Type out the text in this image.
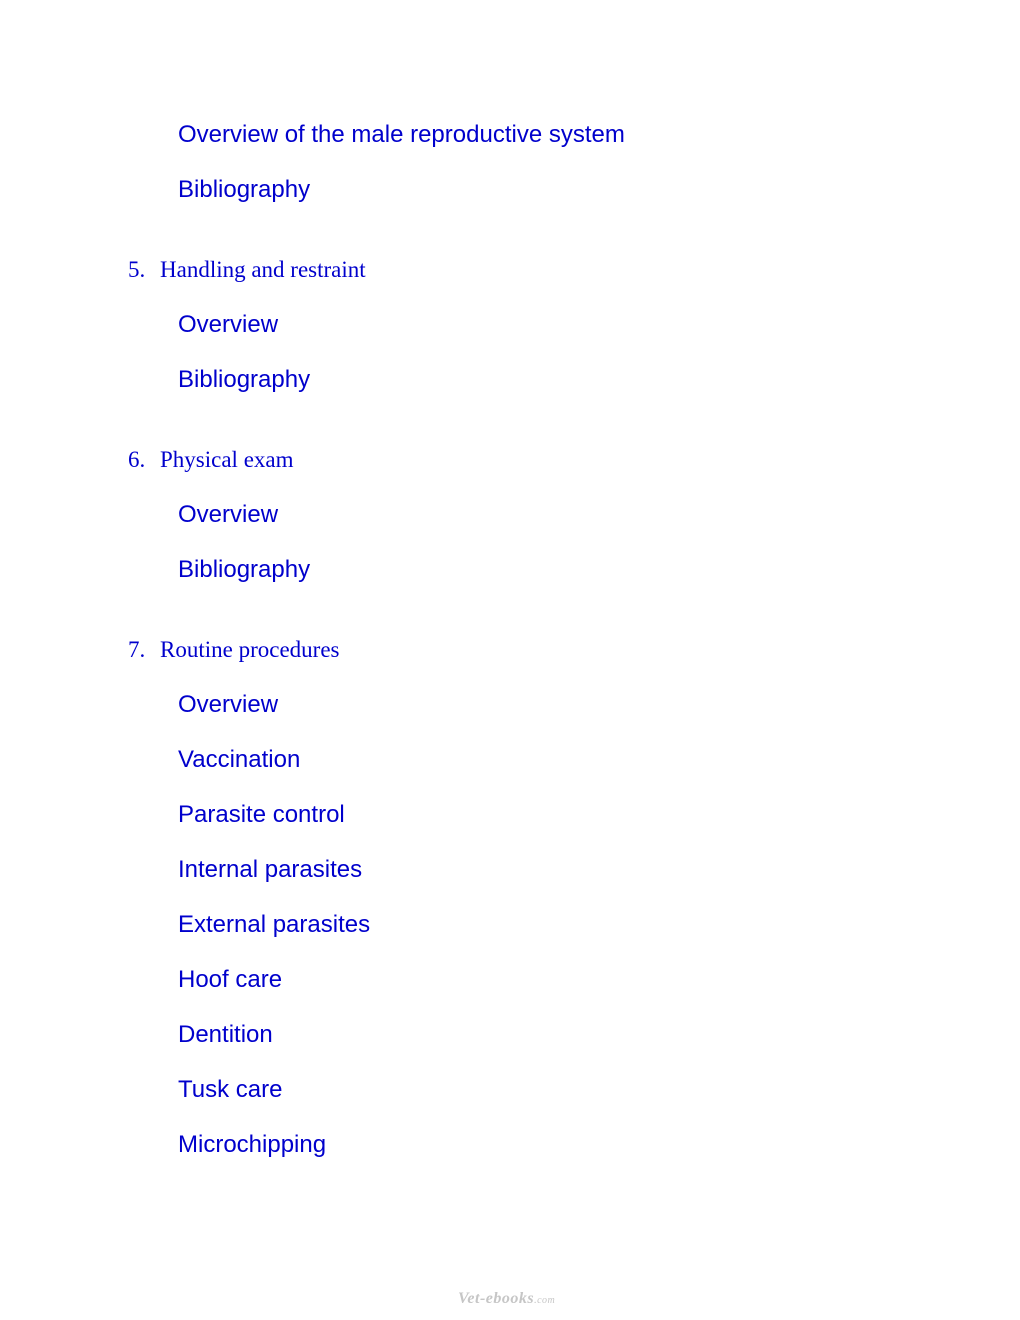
Overview of the male reproductive system
Bibliography
5. Handling and restraint
Overview
Bibliography
6. Physical exam
Overview
Bibliography
7. Routine procedures
Overview
Vaccination
Parasite control
Internal parasites
External parasites
Hoof care
Dentition
Tusk care
Microchipping
Vet-ebooks.com
